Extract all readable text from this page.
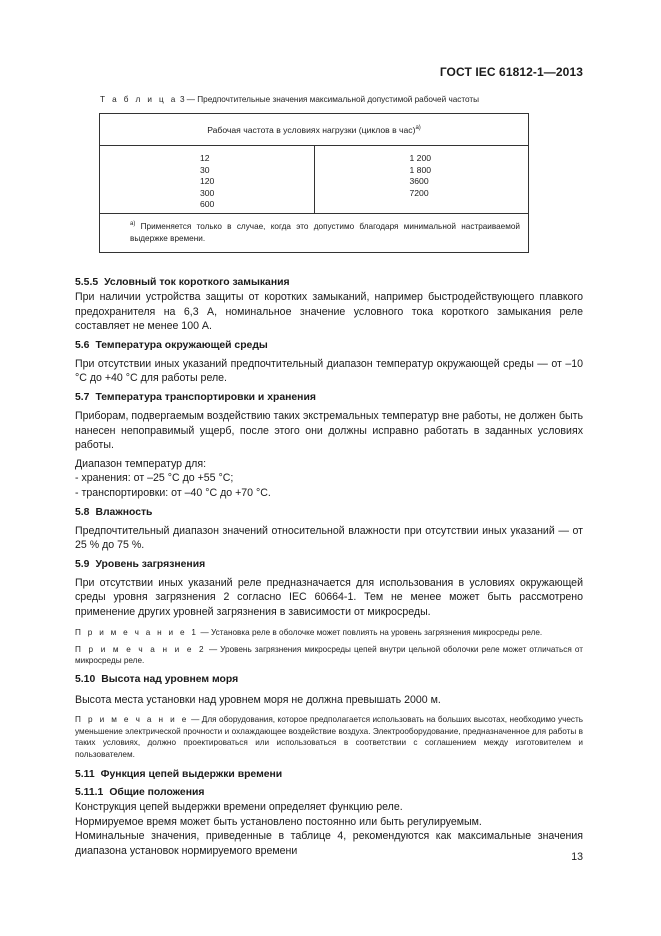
ГОСТ IEC 61812-1—2013
Т а б л и ц а 3 — Предпочтительные значения максимальной допустимой рабочей частоты
Рабочая частота в условиях нагрузки (циклов в час)$^{a)}$

12
30
120
300
600

1 200
1 800
3600
7200

$^{a)}$ Применяется только в случае, когда это допустимо благодаря минимальной настраиваемой выдержке времени.
5.5.5 Условный ток короткого замыкания

При наличии устройства защиты от коротких замыканий, например быстродействующего плавкого предохранителя на 6,3 А, номинальное значение условного тока короткого замыкания реле составляет не менее 100 А.

5.6 Температура окружающей среды

При отсутствии иных указаний предпочтительный диапазон температур окружающей среды — от –10 °С до +40 °С для работы реле.

5.7 Температура транспортировки и хранения

Приборам, подвергаемым воздействию таких экстремальных температур вне работы, не должен быть нанесен непоправимый ущерб, после этого они должны исправно работать в заданных условиях работы.

Диапазон температур для:

- хранения: от –25 °С до +55 °С;

- транспортировки: от –40 °С до +70 °С.

5.8 Влажность

Предпочтительный диапазон значений относительной влажности при отсутствии иных указаний — от 25 % до 75 %.

5.9 Уровень загрязнения

При отсутствии иных указаний реле предназначается для использования в условиях окружающей среды уровня загрязнения 2 согласно IEC 60664-1. Тем не менее может быть рассмотрено применение других уровней загрязнения в зависимости от микросреды.

П р и м е ч а н и е 1 — Установка реле в оболочке может повлиять на уровень загрязнения микросреды реле.
П р и м е ч а н и е 2 — Уровень загрязнения микросреды цепей внутри цельной оболочки реле может отличаться от микросреды реле.
5.10 Высота над уровнем моря

Высота места установки над уровнем моря не должна превышать 2000 м.

П р и м е ч а н и е — Для оборудования, которое предполагается использовать на больших высотах, необходимо учесть уменьшение электрической прочности и охлаждающее воздействие воздуха. Электрооборудование, предназначенное для работы в таких условиях, должно проектироваться или использоваться в соответствии с соглашением между изготовителем и пользователем.
5.11 Функция цепей выдержки времени
5.11.1 Общие положения

Конструкция цепей выдержки времени определяет функцию реле.

Нормируемое время может быть установлено постоянно или быть регулируемым.

Номинальные значения, приведенные в таблице 4, рекомендуются как максимальные значения диапазона установок нормируемого времени

13
